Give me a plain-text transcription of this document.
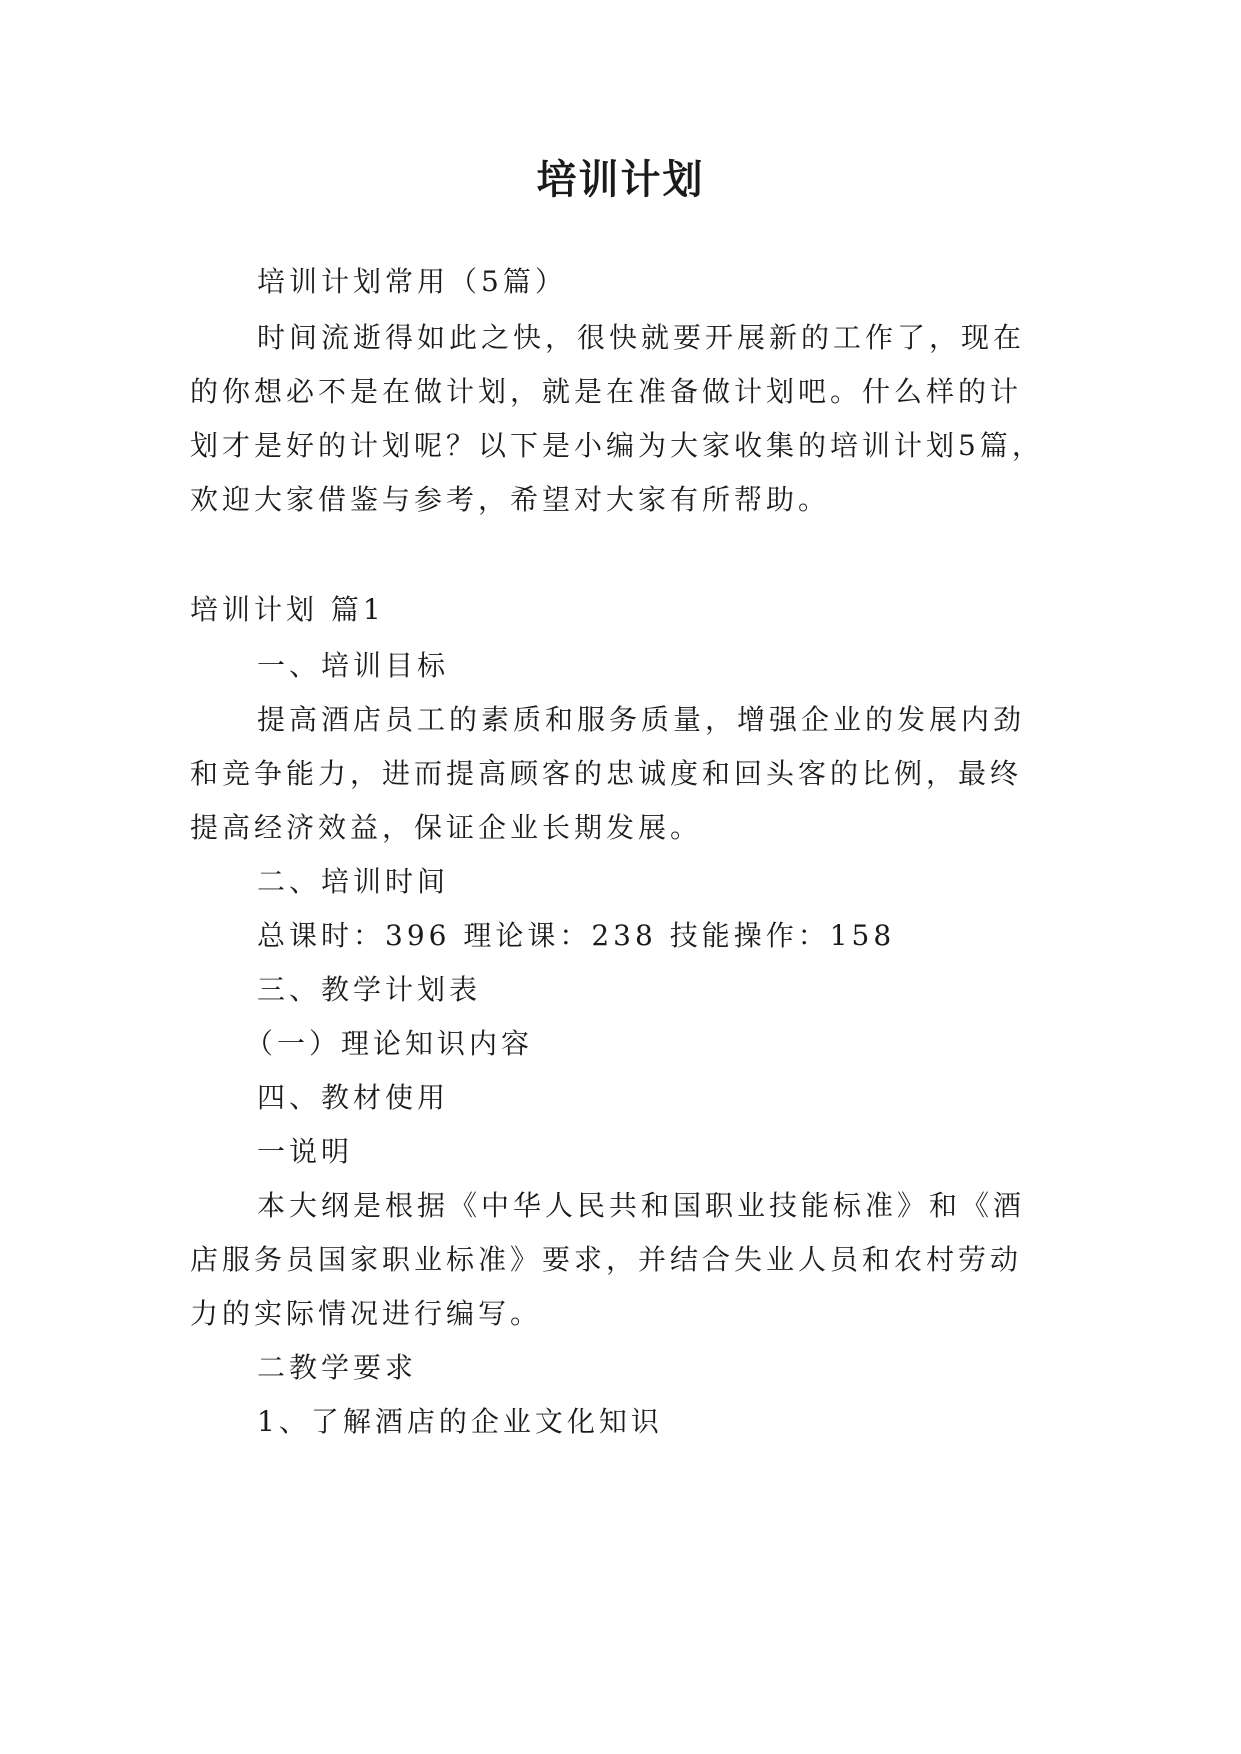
培训计划
培训计划常用（5篇）
时间流逝得如此之快，很快就要开展新的工作了，现在
的你想必不是在做计划，就是在准备做计划吧。什么样的计
划才是好的计划呢？以下是小编为大家收集的培训计划5篇，
欢迎大家借鉴与参考，希望对大家有所帮助。
培训计划 篇1
一、培训目标
提高酒店员工的素质和服务质量，增强企业的发展内劲
和竞争能力，进而提高顾客的忠诚度和回头客的比例，最终
提高经济效益，保证企业长期发展。
二、培训时间
总课时：396 理论课：238 技能操作：158
三、教学计划表
（一）理论知识内容
四、教材使用
一说明
本大纲是根据《中华人民共和国职业技能标准》和《酒
店服务员国家职业标准》要求，并结合失业人员和农村劳动
力的实际情况进行编写。
二教学要求
1、了解酒店的企业文化知识
